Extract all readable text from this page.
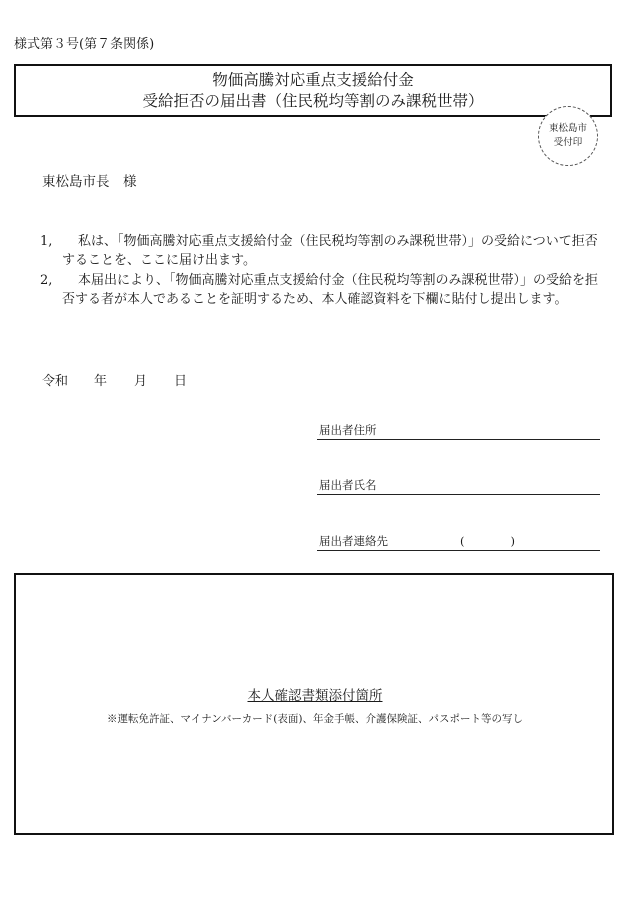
様式第３号(第７条関係)
物価高騰対応重点支援給付金
受給拒否の届出書（住民税均等割のみ課税世帯）
東松島市
受付印
東松島市長　様
1,	私は、「物価高騰対応重点支援給付金（住民税均等割のみ課税世帯）」の受給について拒否することを、ここに届け出ます。
2,	本届出により、「物価高騰対応重点支援給付金（住民税均等割のみ課税世帯）」の受給を拒否する者が本人であることを証明するため、本人確認資料を下欄に貼付し提出します。
令和 年 月 日
届出者住所
届出者氏名
届出者連絡先	(　　　　)
本人確認書類添付箇所
※運転免許証、マイナンバーカード(表面)、年金手帳、介護保険証、パスポート等の写し
